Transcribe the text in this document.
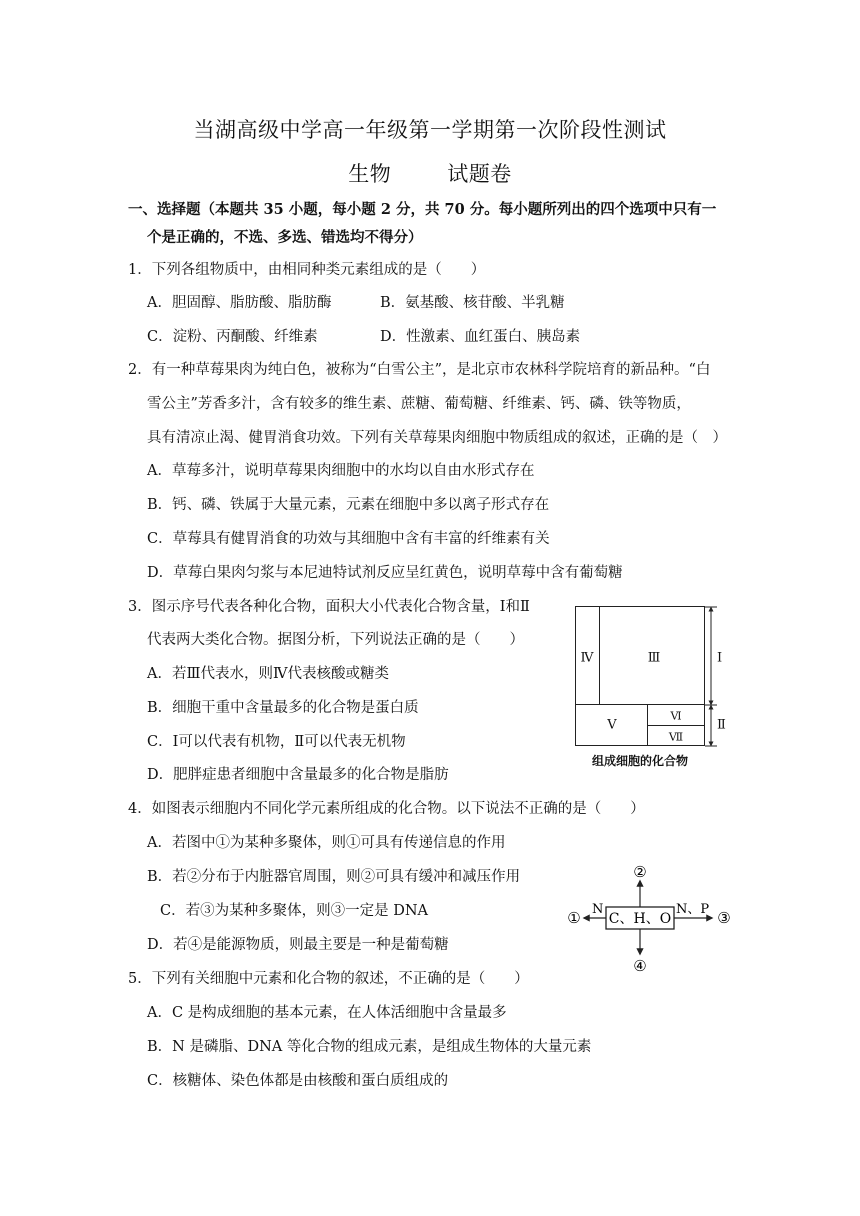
当湖高级中学高一年级第一学期第一次阶段性测试
生物	试题卷
一、选择题（本题共 35 小题，每小题 2 分，共 70 分。每小题所列出的四个选项中只有一
个是正确的，不选、多选、错选均不得分）
1．下列各组物质中，由相同种类元素组成的是（　　）
A．胆固醇、脂肪酸、脂肪酶	B．氨基酸、核苷酸、半乳糖
C．淀粉、丙酮酸、纤维素	D．性激素、血红蛋白、胰岛素
2．有一种草莓果肉为纯白色，被称为“白雪公主”，是北京市农林科学院培育的新品种。“白
雪公主”芳香多汁，含有较多的维生素、蔗糖、葡萄糖、纤维素、钙、磷、铁等物质，
具有清凉止渴、健胃消食功效。下列有关草莓果肉细胞中物质组成的叙述，正确的是（　）
A．草莓多汁，说明草莓果肉细胞中的水均以自由水形式存在
B．钙、磷、铁属于大量元素，元素在细胞中多以离子形式存在
C．草莓具有健胃消食的功效与其细胞中含有丰富的纤维素有关
D．草莓白果肉匀浆与本尼迪特试剂反应呈红黄色，说明草莓中含有葡萄糖
3．图示序号代表各种化合物，面积大小代表化合物含量，Ⅰ和Ⅱ
代表两大类化合物。据图分析，下列说法正确的是（　　）
A．若Ⅲ代表水，则Ⅳ代表核酸或糖类
B．细胞干重中含量最多的化合物是蛋白质
C．Ⅰ可以代表有机物，Ⅱ可以代表无机物
D．肥胖症患者细胞中含量最多的化合物是脂肪
Ⅳ	Ⅲ
Ⅴ
Ⅵ
Ⅶ
Ⅰ
Ⅱ
组成细胞的化合物
4．如图表示细胞内不同化学元素所组成的化合物。以下说法不正确的是（　　）
A．若图中①为某种多聚体，则①可具有传递信息的作用
B．若②分布于内脏器官周围，则②可具有缓冲和减压作用
C．若③为某种多聚体，则③一定是 DNA
D．若④是能源物质，则最主要是一种是葡萄糖
C、H、O
N	N、P
②
④
①	③
5．下列有关细胞中元素和化合物的叙述，不正确的是（　　）
A．C 是构成细胞的基本元素，在人体活细胞中含量最多
B．N 是磷脂、DNA 等化合物的组成元素，是组成生物体的大量元素
C．核糖体、染色体都是由核酸和蛋白质组成的
